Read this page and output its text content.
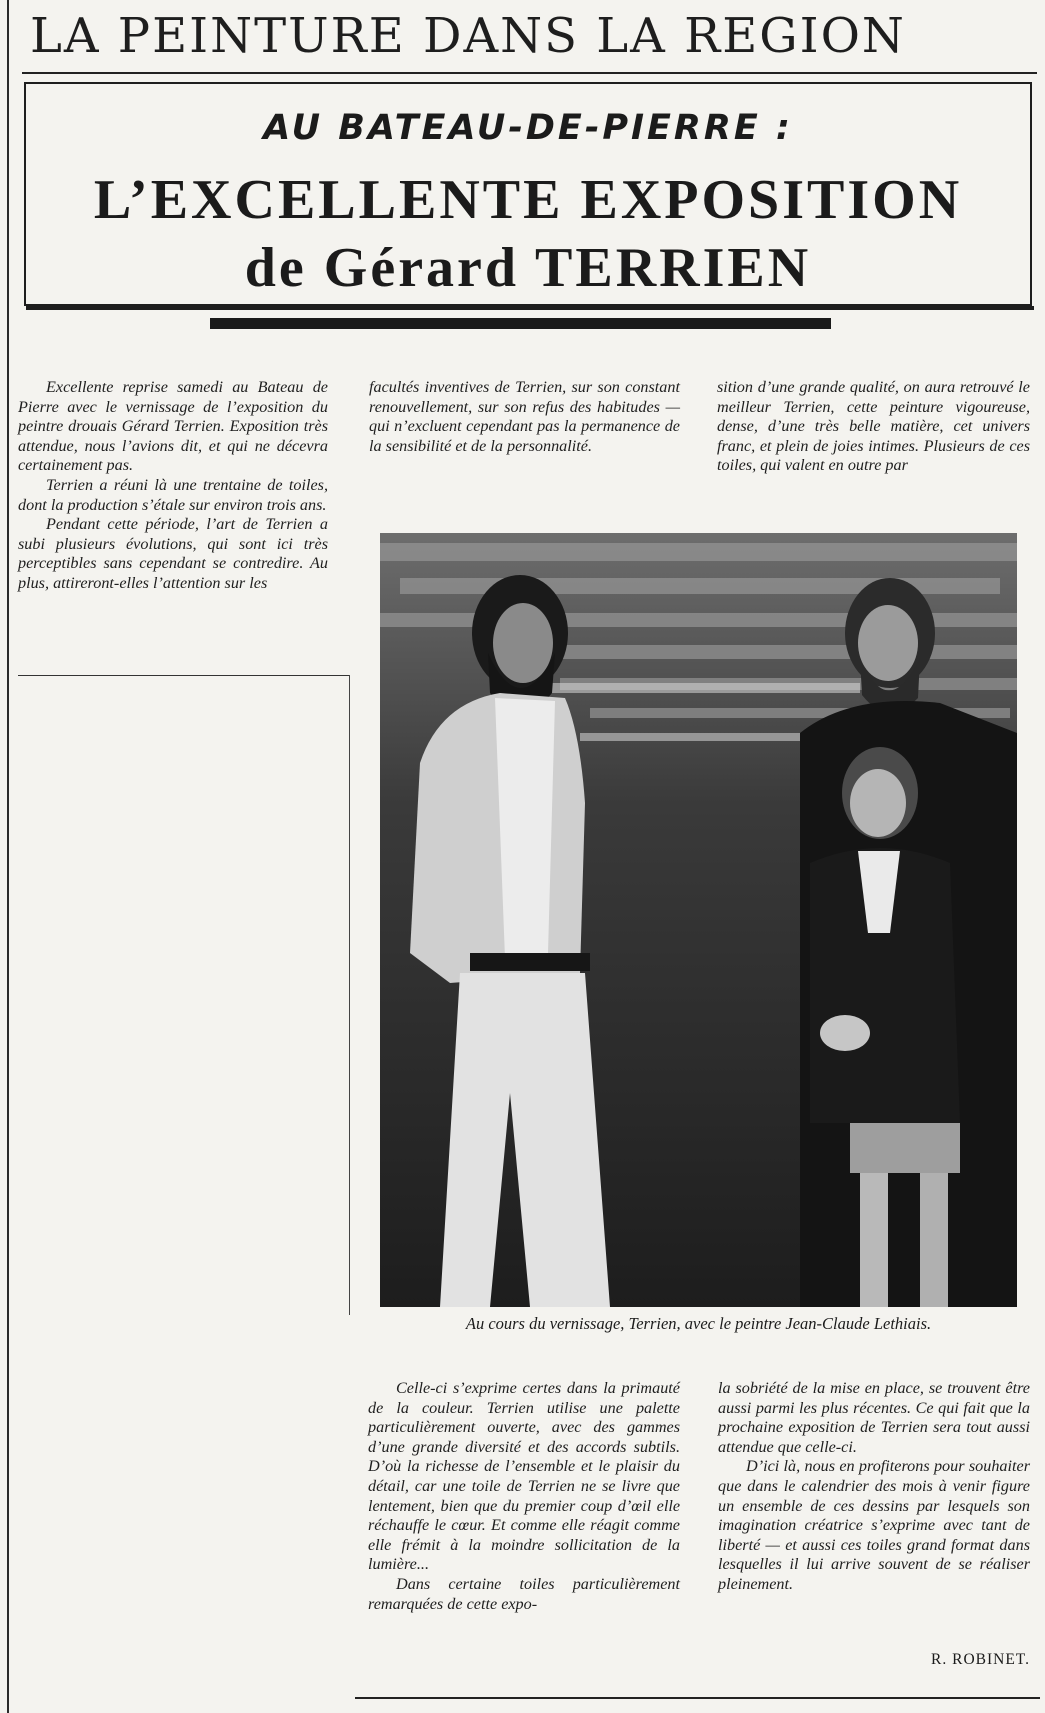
LA PEINTURE DANS LA REGION
AU BATEAU-DE-PIERRE :
L’EXCELLENTE EXPOSITION
de Gérard TERRIEN

Excellente reprise samedi au Bateau de Pierre avec le vernissage de l’exposition du peintre drouais Gérard Terrien. Exposition très attendue, nous l’avions dit, et qui ne décevra certainement pas.

Terrien a réuni là une trentaine de toiles, dont la production s’étale sur environ trois ans.

Pendant cette période, l’art de Terrien a subi plusieurs évolutions, qui sont ici très perceptibles sans cependant se contredire. Au plus, attireront-elles l’attention sur les

facultés inventives de Terrien, sur son constant renouvellement, sur son refus des habitudes —qui n’excluent cependant pas la permanence de la sensibilité et de la personnalité.

sition d’une grande qualité, on aura retrouvé le meilleur Terrien, cette peinture vigoureuse, dense, d’une très belle matière, cet univers franc, et plein de joies intimes. Plusieurs de ces toiles, qui valent en outre par

Au cours du vernissage, Terrien, avec le peintre Jean-Claude Lethiais.

Celle-ci s’exprime certes dans la primauté de la couleur. Terrien utilise une palette particulièrement ouverte, avec des gammes d’une grande diversité et des accords subtils. D’où la richesse de l’ensemble et le plaisir du détail, car une toile de Terrien ne se livre que lentement, bien que du premier coup d’œil elle réchauffe le cœur. Et comme elle réagit comme elle frémit à la moindre sollicitation de la lumière...

Dans certaine toiles particulièrement remarquées de cette expo-

la sobriété de la mise en place, se trouvent être aussi parmi les plus récentes. Ce qui fait que la prochaine exposition de Terrien sera tout aussi attendue que celle-ci.

D’ici là, nous en profiterons pour souhaiter que dans le calendrier des mois à venir figure un ensemble de ces dessins par lesquels son imagination créatrice s’exprime avec tant de liberté — et aussi ces toiles grand format dans lesquelles il lui arrive souvent de se réaliser pleinement.

R. ROBINET.
